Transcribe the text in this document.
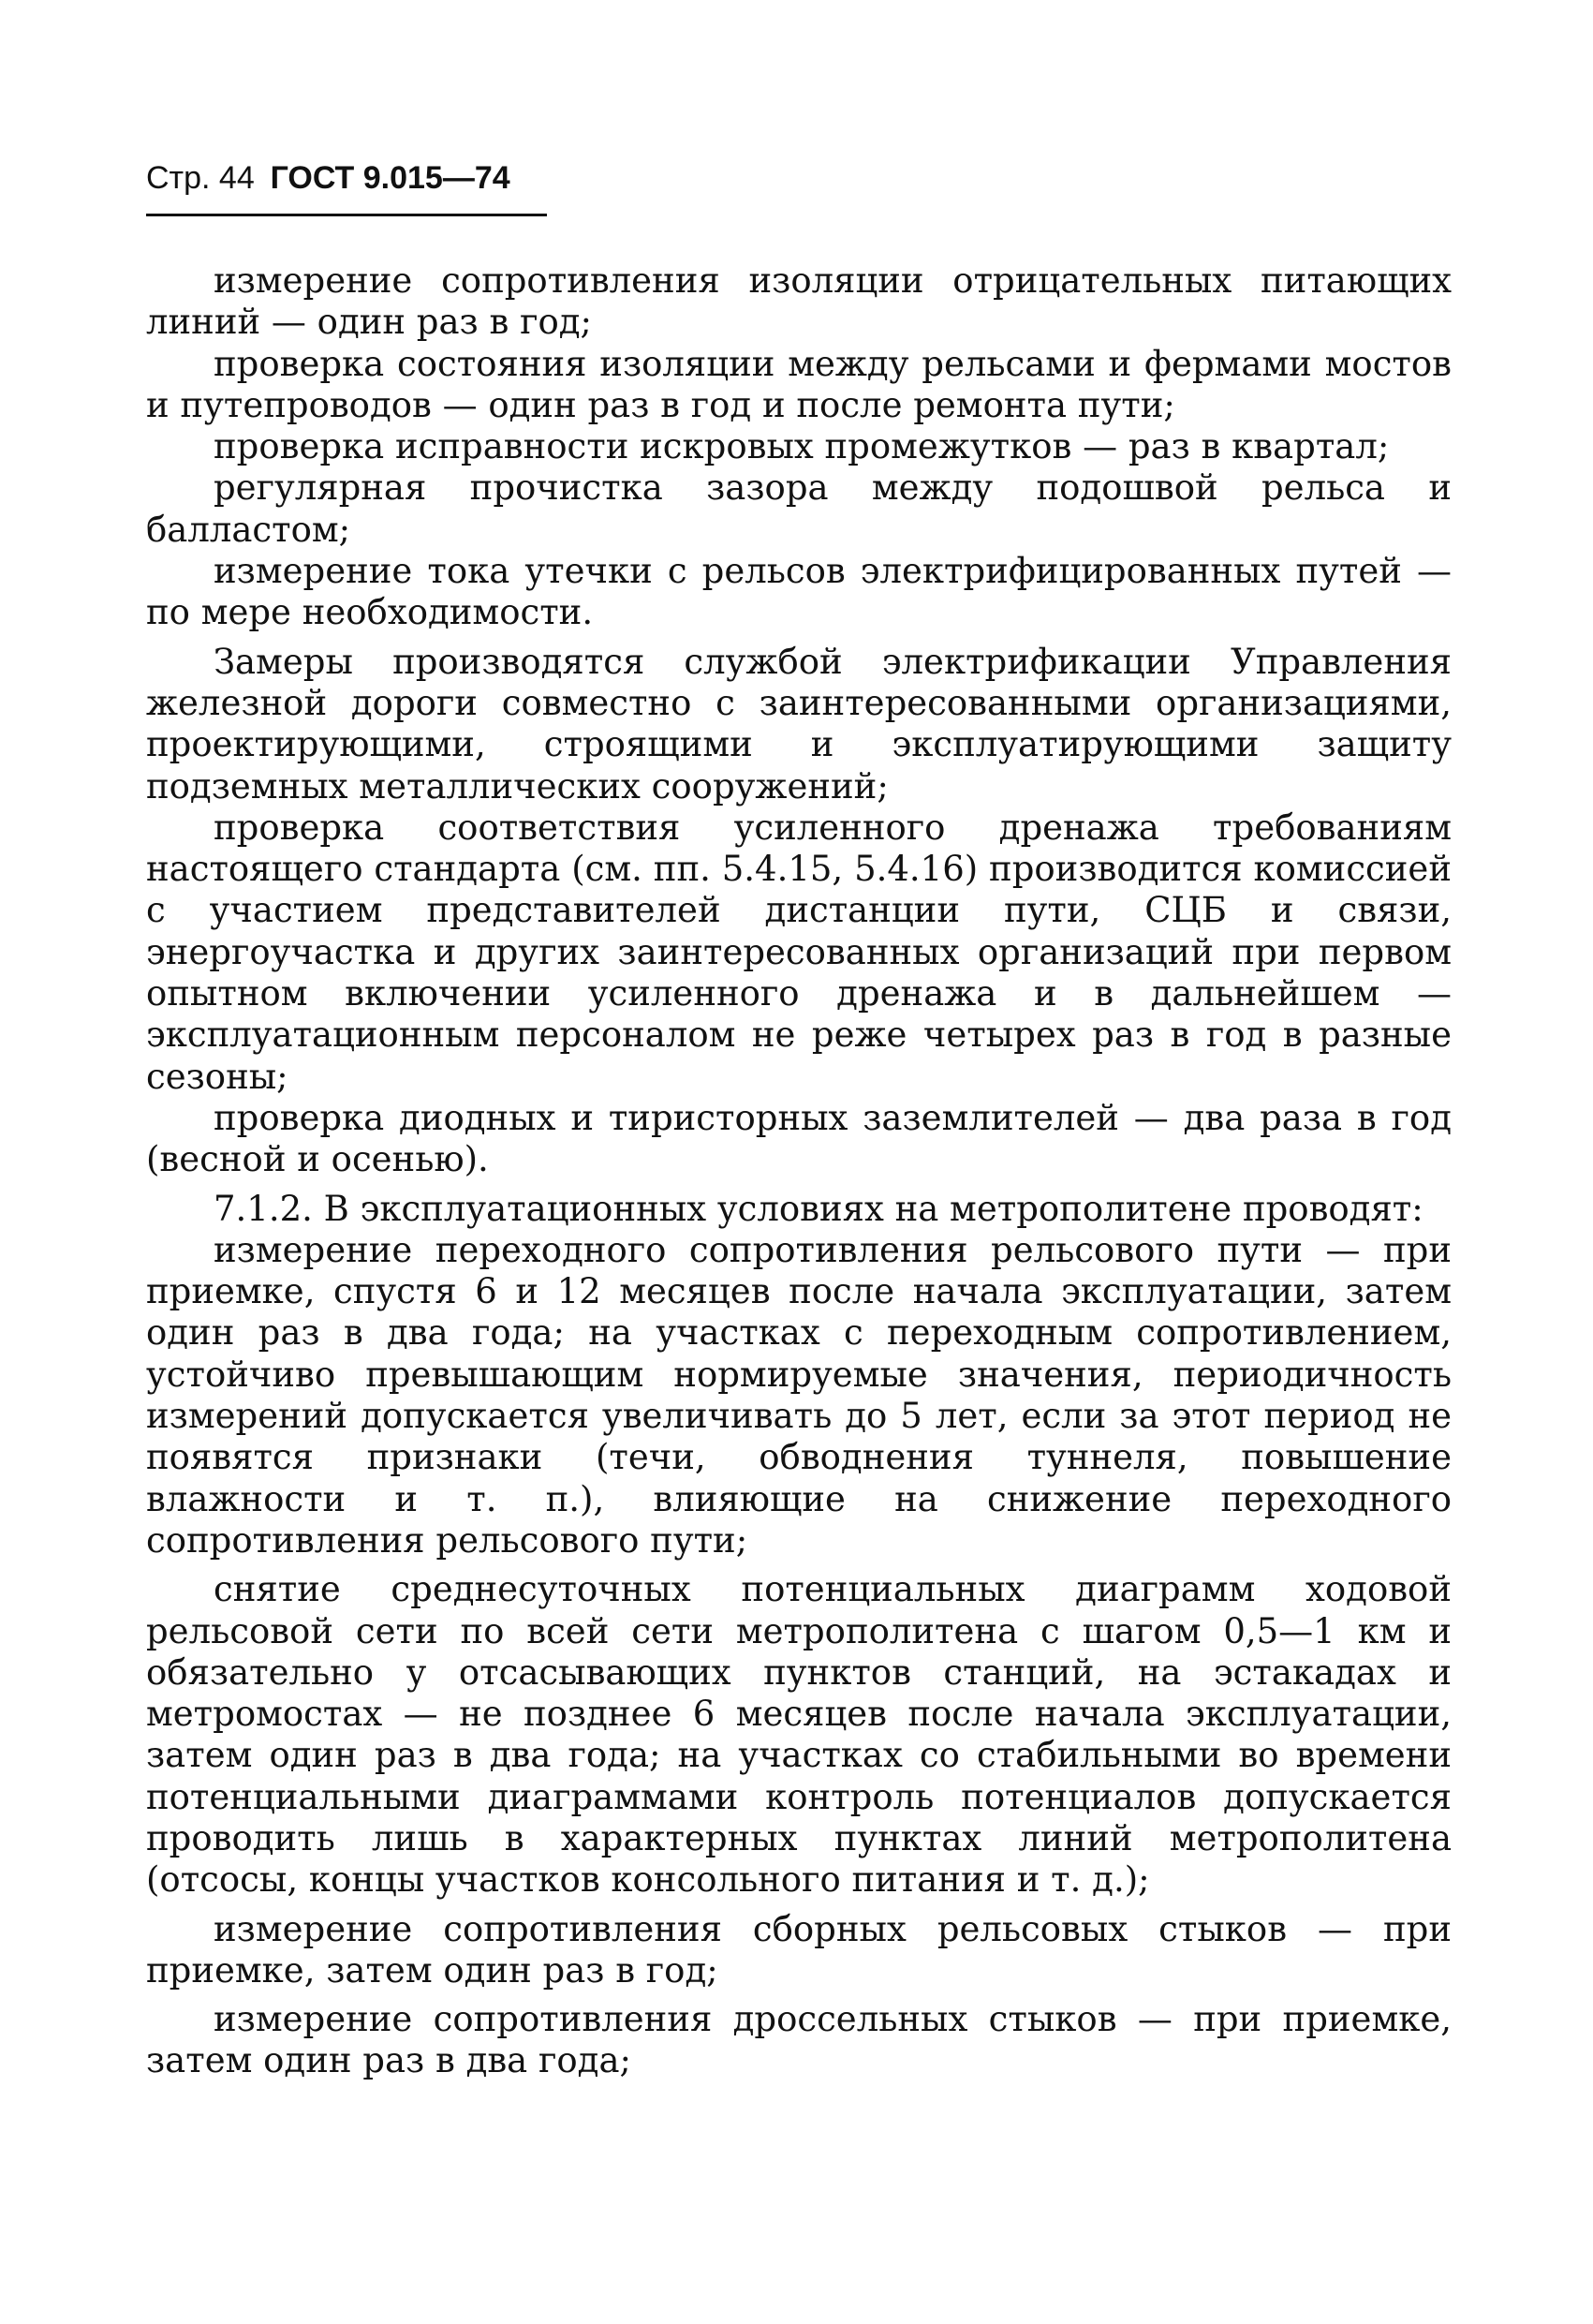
Стр. 44 ГОСТ 9.015—74

измерение сопротивления изоляции отрицательных питающих линий — один раз в год;

проверка состояния изоляции между рельсами и фермами мостов и путепроводов — один раз в год и после ремонта пути;

проверка исправности искровых промежутков — раз в квартал;

регулярная прочистка зазора между подошвой рельса и балластом;

измерение тока утечки с рельсов электрифицированных путей — по мере необходимости.

Замеры производятся службой электрификации Управления железной дороги совместно с заинтересованными организациями, проектирующими, строящими и эксплуатирующими защиту подземных металлических сооружений;

проверка соответствия усиленного дренажа требованиям настоящего стандарта (см. пп. 5.4.15, 5.4.16) производится комиссией с участием представителей дистанции пути, СЦБ и связи, энергоучастка и других заинтересованных организаций при первом опытном включении усиленного дренажа и в дальнейшем — эксплуатационным персоналом не реже четырех раз в год в разные сезоны;

проверка диодных и тиристорных заземлителей — два раза в год (весной и осенью).

7.1.2. В эксплуатационных условиях на метрополитене проводят:

измерение переходного сопротивления рельсового пути — при приемке, спустя 6 и 12 месяцев после начала эксплуатации, затем один раз в два года; на участках с переходным сопротивлением, устойчиво превышающим нормируемые значения, периодичность измерений допускается увеличивать до 5 лет, если за этот период не появятся признаки (течи, обводнения туннеля, повышение влажности и т. п.), влияющие на снижение переходного сопротивления рельсового пути;

снятие среднесуточных потенциальных диаграмм ходовой рельсовой сети по всей сети метрополитена с шагом 0,5—1 км и обязательно у отсасывающих пунктов станций, на эстакадах и метромостах — не позднее 6 месяцев после начала эксплуатации, затем один раз в два года; на участках со стабильными во времени потенциальными диаграммами контроль потенциалов допускается проводить лишь в характерных пунктах линий метрополитена (отсосы, концы участков консольного питания и т. д.);

измерение сопротивления сборных рельсовых стыков — при приемке, затем один раз в год;

измерение сопротивления дроссельных стыков — при приемке, затем один раз в два года;
